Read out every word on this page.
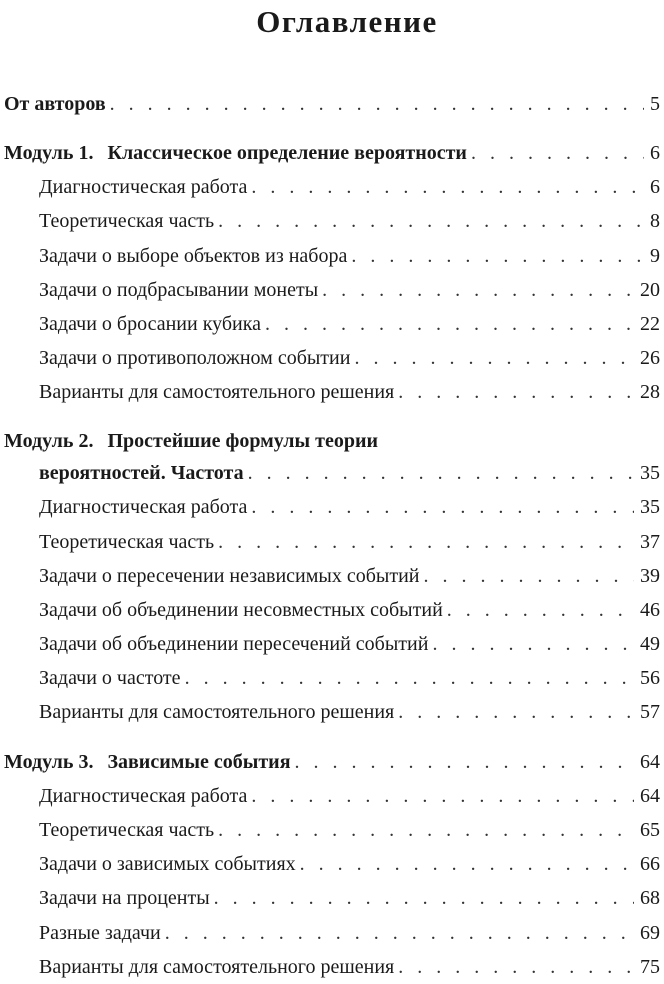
Оглавление
От авторов . . .	5
Модуль 1. Классическое определение вероятности . . .	6
Диагностическая работа . . .	6
Теоретическая часть . . .	8
Задачи о выборе объектов из набора . . .	9
Задачи о подбрасывании монеты . . .	20
Задачи о бросании кубика . . .	22
Задачи о противоположном событии . . .	26
Варианты для самостоятельного решения . . .	28
Модуль 2. Простейшие формулы теории
вероятностей. Частота . . .	35
Диагностическая работа . . .	35
Теоретическая часть . . .	37
Задачи о пересечении независимых событий . . .	39
Задачи об объединении несовместных событий . . .	46
Задачи об объединении пересечений событий . . .	49
Задачи о частоте . . .	56
Варианты для самостоятельного решения . . .	57
Модуль 3. Зависимые события . . .	64
Диагностическая работа . . .	64
Теоретическая часть . . .	65
Задачи о зависимых событиях . . .	66
Задачи на проценты . . .	68
Разные задачи . . .	69
Варианты для самостоятельного решения . . .	75
